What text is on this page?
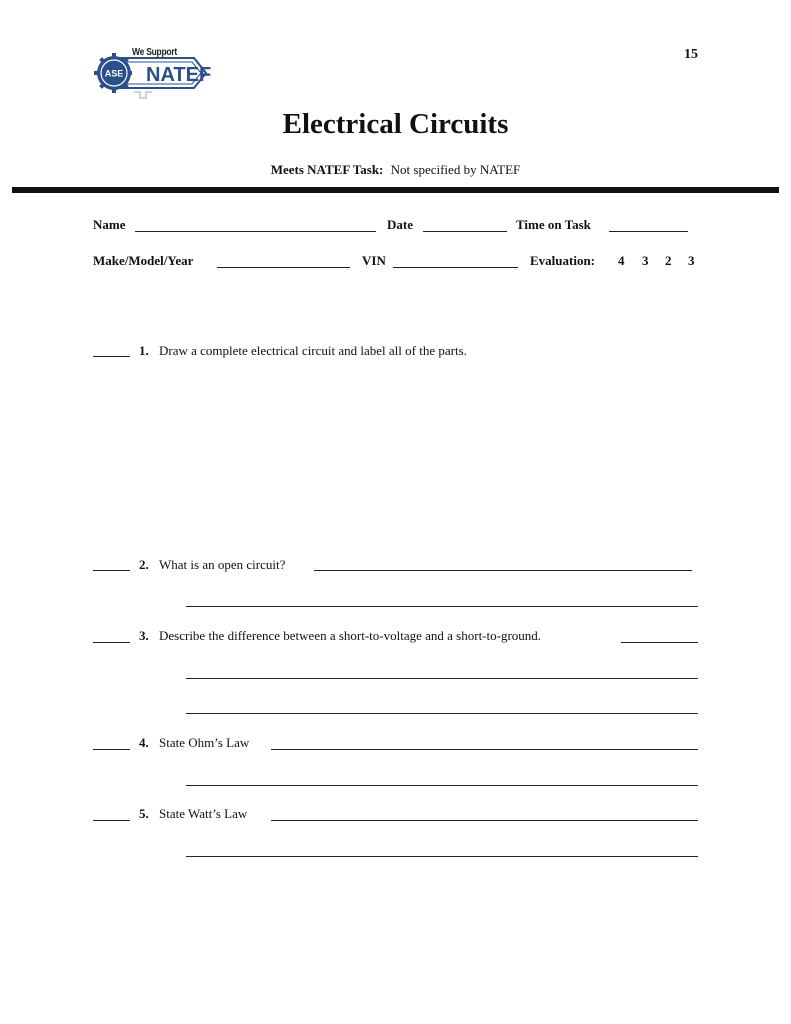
ASE
We Support
NATEF
15
Electrical Circuits
Meets NATEF Task: Not specified by NATEF
Name	Date	Time on Task
Make/Model/Year	VIN	Evaluation: 4 3 2 3
1. Draw a complete electrical circuit and label all of the parts.
2. What is an open circuit?
3. Describe the difference between a short-to-voltage and a short-to-ground.
4. State Ohm’s Law
5. State Watt’s Law
